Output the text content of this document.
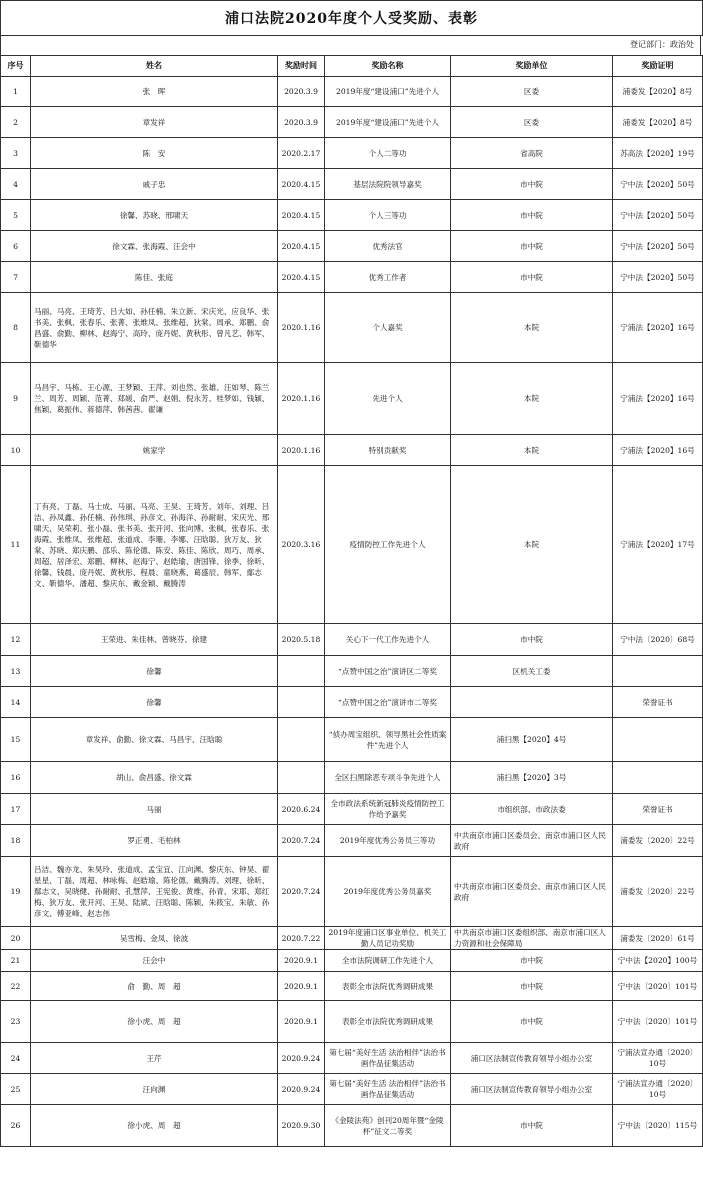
浦口法院2020年度个人受奖励、表彰
登记部门：政治处
序号	姓名	奖励时间	奖励名称	奖励单位	奖励证明
1	张　晖	2020.3.9	2019年度“建设浦口”先进个人	区委	浦委发【2020】8号
2	章发祥	2020.3.9	2019年度“建设浦口”先进个人	区委	浦委发【2020】8号
3	陈　安	2020.2.17	个人二等功	省高院	苏高法【2020】19号
4	戚子忠	2020.4.15	基层法院院领导嘉奖	市中院	宁中法【2020】50号
5	徐馨、苏晓、邢啸天	2020.4.15	个人三等功	市中院	宁中法【2020】50号
6	徐文霖、张海霞、汪会中	2020.4.15	优秀法官	市中院	宁中法【2020】50号
7	陈佳、张庭	2020.4.15	优秀工作者	市中院	宁中法【2020】50号
8	马丽、马亮、王琦芳、吕大如、孙任楠、朱立新、宋庆光、应良华、张书美、张枫、张春乐、张菁、张维凤、张维超、狄棠、周承、郑鹏、俞昌盛、俞勤、柳林、赵海宁、高玲、庞丹妮、黄秋彤、曾凡艺、韩军、靳德华	2020.1.16	个人嘉奖	本院	宁浦法【2020】16号
9	马昌宇、马栋、王心源、王梦颖、王萍、刘也然、张雄、汪如琴、陈兰兰、周芳、周颖、范菁、郑媛、俞严、赵娟、倪永芳、桂梦如、钱颖、焦颖、葛振伟、蒋德萍、韩茜茜、翟谦	2020.1.16	先进个人	本院	宁浦法【2020】16号
10	姚家学	2020.1.16	特别贡献奖	本院	宁浦法【2020】16号
11	丁有亮、丁磊、马士成、马丽、马亮、王昊、王琦芳、刘年、刘理、吕洁、孙凤鑫、孙任楠、孙伟琪、孙彦文、孙海洋、孙耐耐、宋庆光、邢啸天、吴荣莉、张小磊、张书美、张开河、张向博、张枫、张春乐、张海霞、张维凤、张维超、张道成、李珊、李娜、汪晗聪、狄万友、狄棠、苏晓、郑庆鹏、邵乐、陈伦德、陈安、陈佳、陈欣、周巧、周承、周超、居泽宏、郑鹏、柳林、赵海宁、赵皓瑜、唐国锋、徐季、徐昕、徐馨、钱晨、庞丹妮、黄秋彤、程晨、童晓燕、葛盛辰、韩军、鄢志文、靳德华、潘超、黎庆东、戴金颖、戴腾涛	2020.3.16	疫情防控工作先进个人	本院	宁浦法【2020】17号
12	王荣进、朱佳林、曾晓芬、徐建	2020.5.18	关心下一代工作先进个人	市中院	宁中法〔2020〕68号
13	徐馨		“点赞中国之治”演讲区二等奖	区机关工委	
14	徐馨		“点赞中国之治”演讲市二等奖		荣誉证书
15	章发祥、俞勤、徐文霖、马昌宇、汪晗聪		“侦办周宝组织、领导黑社会性质案件”先进个人	浦扫黑【2020】4号	
16	胡山、俞昌盛、徐文霖		全区扫黑除恶专项斗争先进个人	浦扫黑【2020】3号	
17	马丽	2020.6.24	全市政法系统新冠肺炎疫情防控工作给予嘉奖	市组织部、市政法委	荣誉证书
18	罗正勇、毛柏林	2020.7.24	2019年度优秀公务员三等功	中共南京市浦口区委员会、南京市浦口区人民政府	浦委发〔2020〕22号
19	吕洁、魏亦龙、朱昊玲、张道成、孟宝宜、江向渊、黎庆东、钟昊、翟星星、丁磊、周超、林咏梅、赵皓瑜、陈伦德、戴腾涛、刘理、徐昕、鄢志文、吴晓健、孙耐耐、孔慧萍、王宪俊、黄维、孙青、宋耶、郑红梅、狄万友、张开河、王昊、陆斌、汪晗聪、陈颖、朱筱宝、朱敏、孙彦文、傅亚峰、赵志伟	2020.7.24	2019年度优秀公务员嘉奖	中共南京市浦口区委员会、南京市浦口区人民政府	浦委发〔2020〕22号
20	吴雪梅、金凤、徐波	2020.7.22	2019年度浦口区事业单位、机关工勤人员记功奖励	中共南京市浦口区委组织部、南京市浦口区人力资源和社会保障局	浦委发〔2020〕61号
21	汪会中	2020.9.1	全市法院调研工作先进个人	市中院	宁中法【2020】100号
22	俞　勤、周　超	2020.9.1	表彰全市法院优秀调研成果	市中院	宁中法〔2020〕101号
23	徐小虎、周　超	2020.9.1	表彰全市法院优秀调研成果	市中院	宁中法〔2020〕101号
24	王芹	2020.9.24	第七届“美好生活 法治相伴”法治书画作品征集活动	浦口区法制宣传教育领导小组办公室	宁浦法宣办通〔2020〕10号
25	汪向渊	2020.9.24	第七届“美好生活 法治相伴”法治书画作品征集活动	浦口区法制宣传教育领导小组办公室	宁浦法宣办通〔2020〕10号
26	徐小虎、周　超	2020.9.30	《金陵法苑》创刊20周年暨“金陵杯”征文二等奖	市中院	宁中法〔2020〕115号
